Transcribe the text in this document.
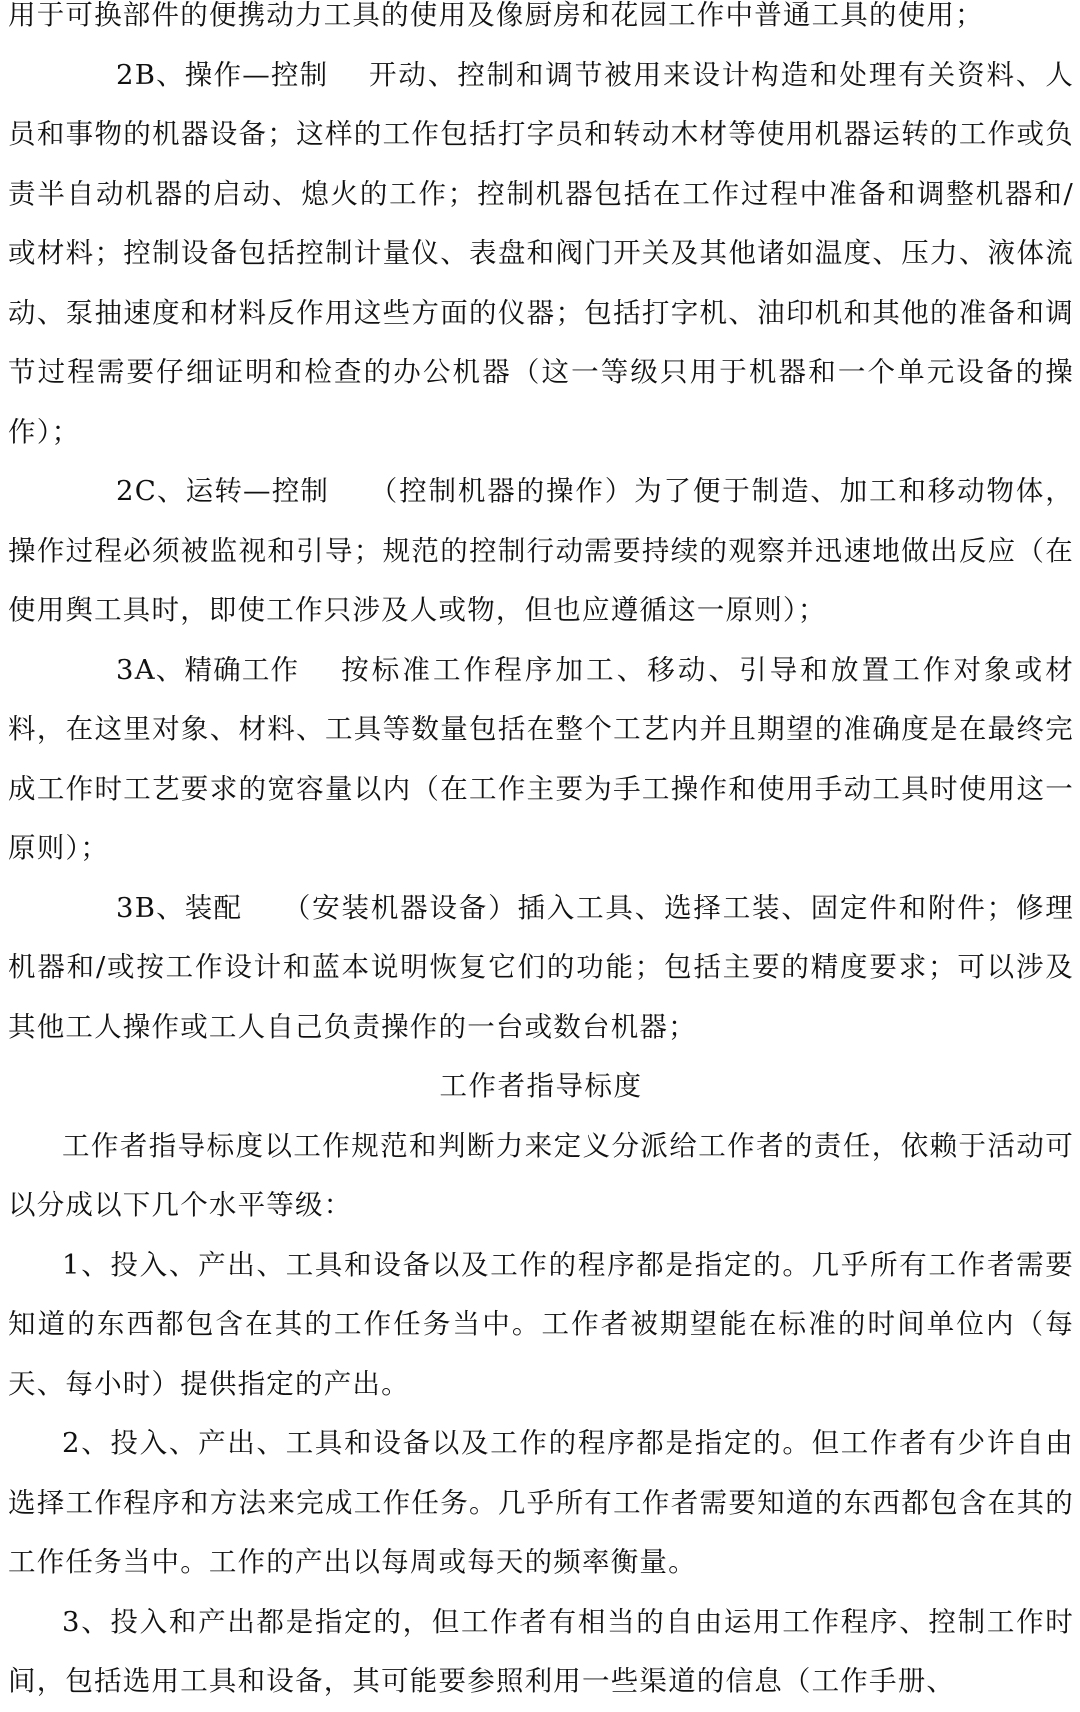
用于可换部件的便携动力工具的使用及像厨房和花园工作中普通工具的使用；

2B、操作—控制 开动、控制和调节被用来设计构造和处理有关资料、人员和事物的机器设备；这样的工作包括打字员和转动木材等使用机器运转的工作或负责半自动机器的启动、熄火的工作；控制机器包括在工作过程中准备和调整机器和/或材料；控制设备包括控制计量仪、表盘和阀门开关及其他诸如温度、压力、液体流动、泵抽速度和材料反作用这些方面的仪器；包括打字机、油印机和其他的准备和调节过程需要仔细证明和检查的办公机器（这一等级只用于机器和一个单元设备的操作）；

2C、运转—控制 （控制机器的操作）为了便于制造、加工和移动物体，操作过程必须被监视和引导；规范的控制行动需要持续的观察并迅速地做出反应（在使用舆工具时，即使工作只涉及人或物，但也应遵循这一原则）；

3A、精确工作 按标准工作程序加工、移动、引导和放置工作对象或材料，在这里对象、材料、工具等数量包括在整个工艺内并且期望的准确度是在最终完成工作时工艺要求的宽容量以内（在工作主要为手工操作和使用手动工具时使用这一原则）；

3B、装配 （安装机器设备）插入工具、选择工装、固定件和附件；修理机器和/或按工作设计和蓝本说明恢复它们的功能；包括主要的精度要求；可以涉及其他工人操作或工人自己负责操作的一台或数台机器；

工作者指导标度

工作者指导标度以工作规范和判断力来定义分派给工作者的责任，依赖于活动可以分成以下几个水平等级：

1、投入、产出、工具和设备以及工作的程序都是指定的。几乎所有工作者需要知道的东西都包含在其的工作任务当中。工作者被期望能在标准的时间单位内（每天、每小时）提供指定的产出。

2、投入、产出、工具和设备以及工作的程序都是指定的。但工作者有少许自由选择工作程序和方法来完成工作任务。几乎所有工作者需要知道的东西都包含在其的工作任务当中。工作的产出以每周或每天的频率衡量。

3、投入和产出都是指定的，但工作者有相当的自由运用工作程序、控制工作时间，包括选用工具和设备，其可能要参照利用一些渠道的信息（工作手册、
